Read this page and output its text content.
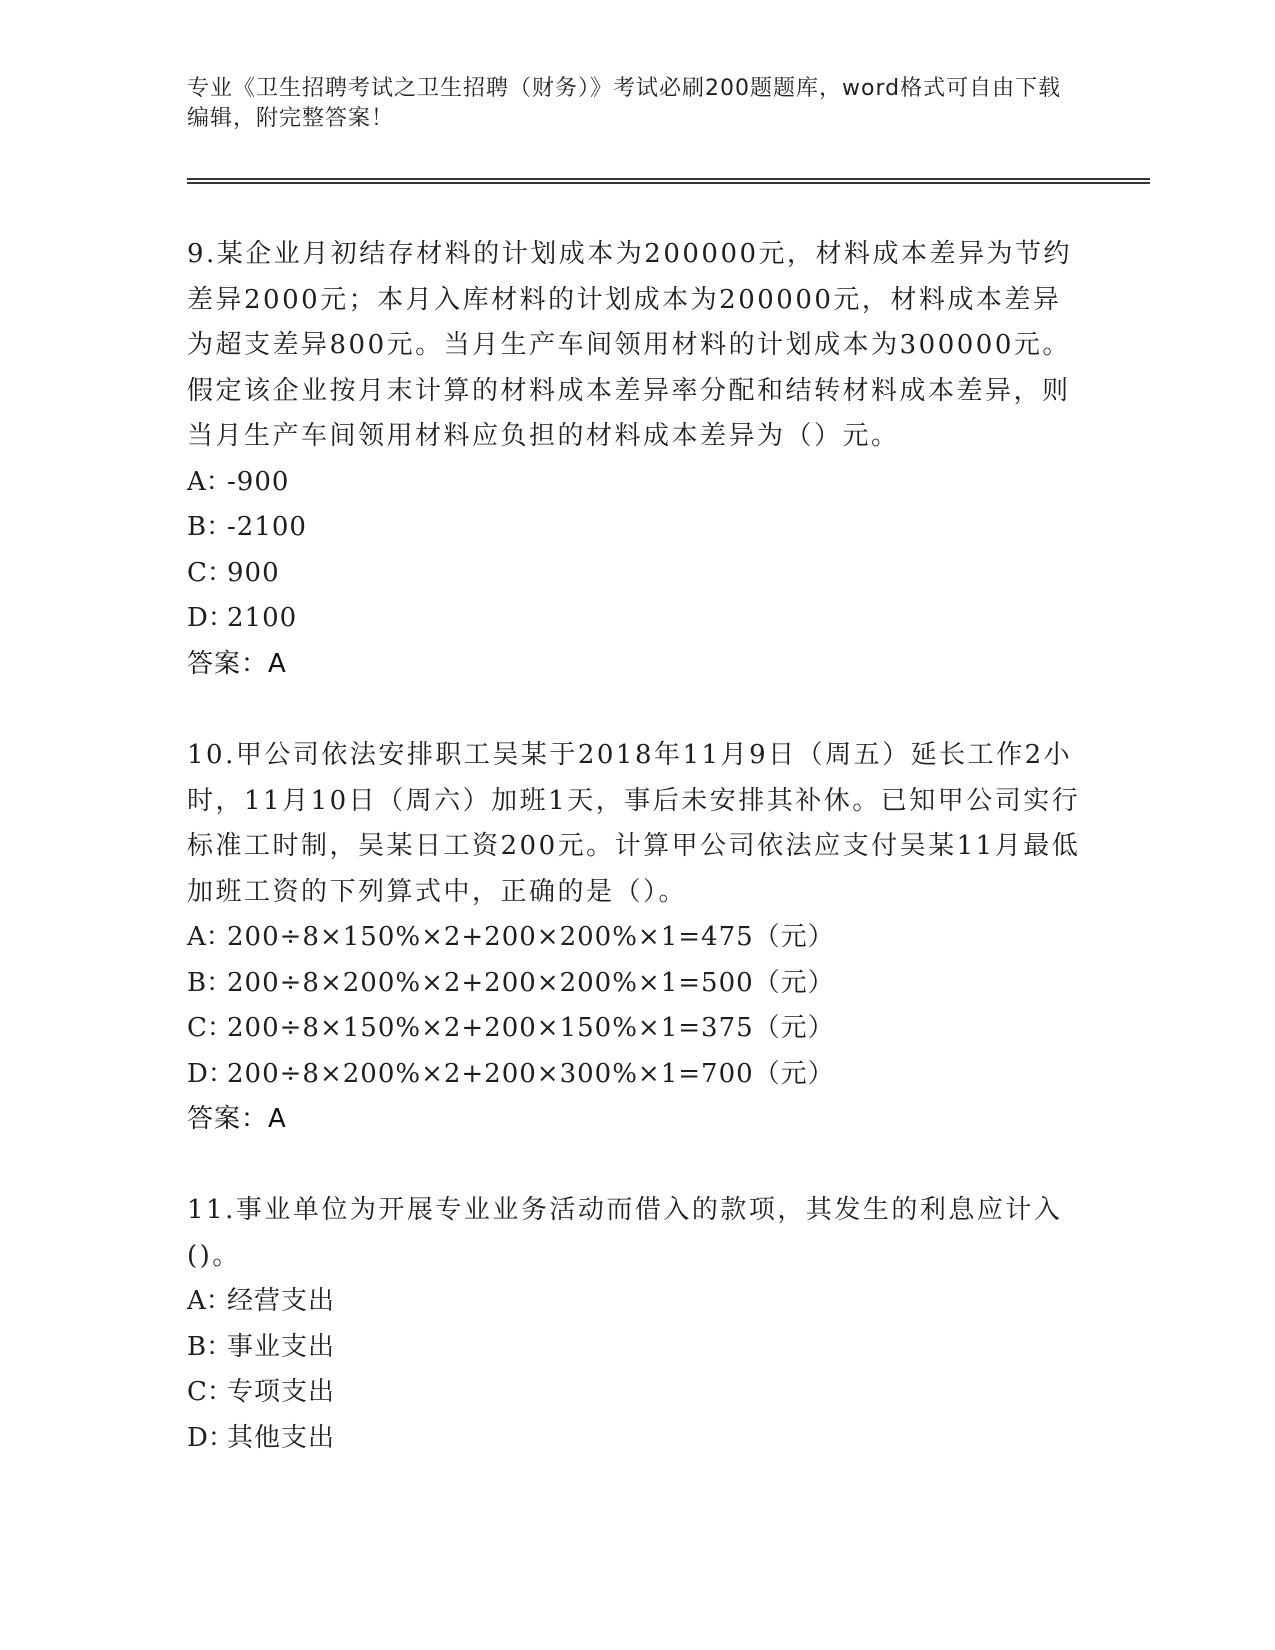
专业《卫生招聘考试之卫生招聘（财务）》考试必刷200题题库，word格式可自由下载编辑，附完整答案！
9.某企业月初结存材料的计划成本为200000元，材料成本差异为节约差异2000元；本月入库材料的计划成本为200000元，材料成本差异为超支差异800元。当月生产车间领用材料的计划成本为300000元。假定该企业按月末计算的材料成本差异率分配和结转材料成本差异，则当月生产车间领用材料应负担的材料成本差异为（）元。
A：-900
B：-2100
C：900
D：2100
答案：A
10.甲公司依法安排职工吴某于2018年11月9日（周五）延长工作2小时，11月10日（周六）加班1天，事后未安排其补休。已知甲公司实行标准工时制，吴某日工资200元。计算甲公司依法应支付吴某11月最低加班工资的下列算式中，正确的是（）。
A：200÷8×150%×2+200×200%×1=475（元）
B：200÷8×200%×2+200×200%×1=500（元）
C：200÷8×150%×2+200×150%×1=375（元）
D：200÷8×200%×2+200×300%×1=700（元）
答案：A
11.事业单位为开展专业业务活动而借入的款项，其发生的利息应计入()。
A：经营支出
B：事业支出
C：专项支出
D：其他支出
